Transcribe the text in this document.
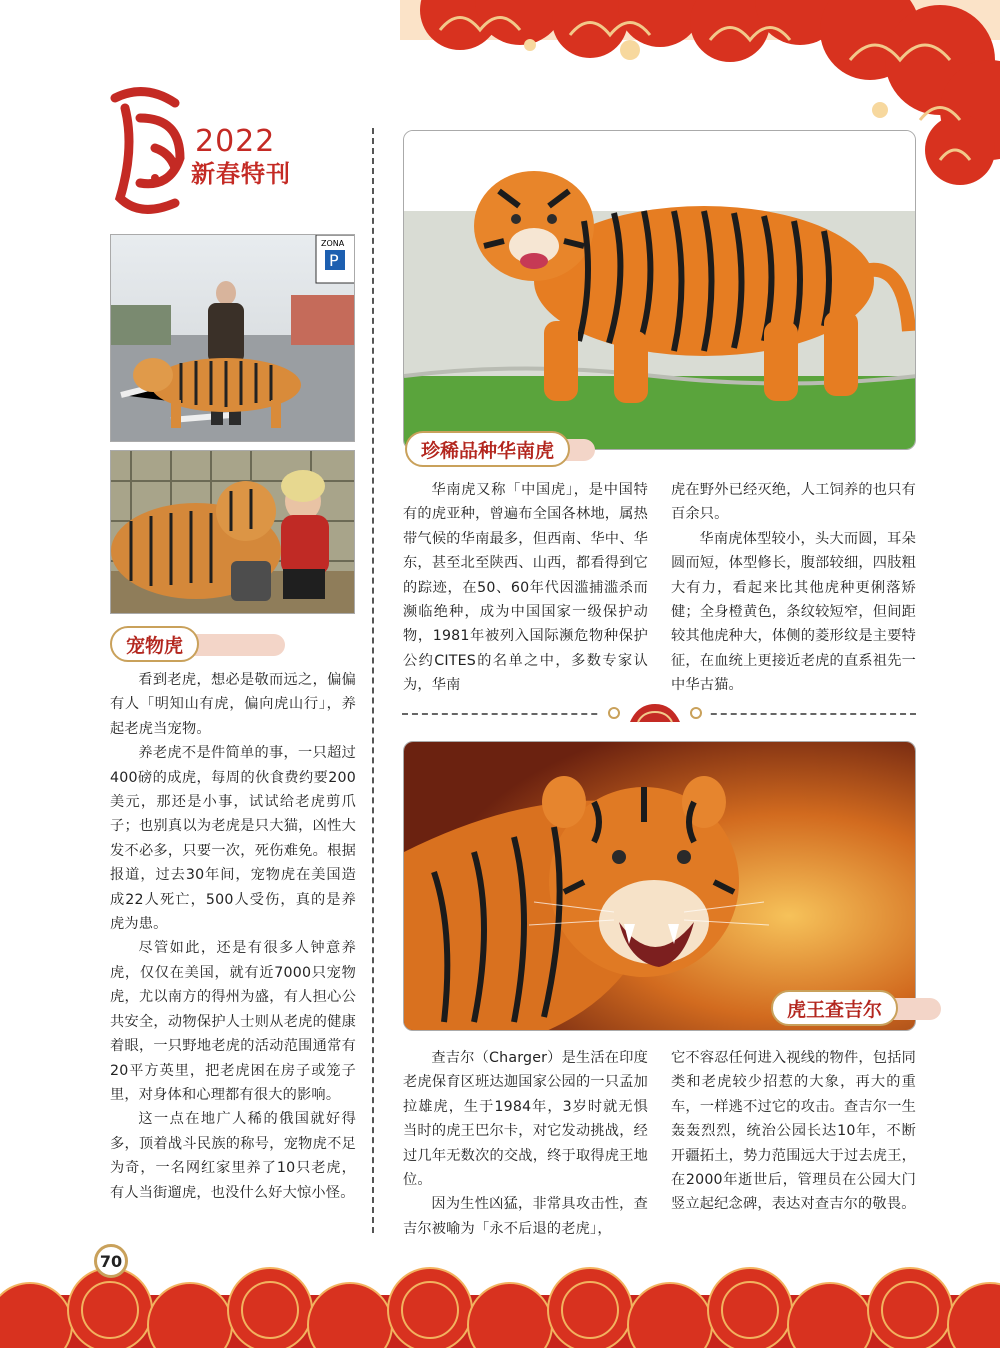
2022
新春特刊
ZONA
P
宠物虎

看到老虎，想必是敬而远之，偏偏有人「明知山有虎，偏向虎山行」，养起老虎当宠物。

养老虎不是件简单的事，一只超过400磅的成虎，每周的伙食费约要200美元，那还是小事，试试给老虎剪爪子；也别真以为老虎是只大猫，凶性大发不必多，只要一次，死伤难免。根据报道，过去30年间，宠物虎在美国造成22人死亡，500人受伤，真的是养虎为患。

尽管如此，还是有很多人钟意养虎，仅仅在美国，就有近7000只宠物虎，尤以南方的得州为盛，有人担心公共安全，动物保护人士则从老虎的健康着眼，一只野地老虎的活动范围通常有20平方英里，把老虎困在房子或笼子里，对身体和心理都有很大的影响。

这一点在地广人稀的俄国就好得多，顶着战斗民族的称号，宠物虎不足为奇，一名网红家里养了10只老虎，有人当街遛虎，也没什么好大惊小怪。

珍稀品种华南虎

华南虎又称「中国虎」，是中国特有的虎亚种，曾遍布全国各林地，属热带气候的华南最多，但西南、华中、华东，甚至北至陕西、山西，都看得到它的踪迹，在50、60年代因滥捕滥杀而濒临绝种，成为中国国家一级保护动物，1981年被列入国际濒危物种保护公约CITES的名单之中，多数专家认为，华南

虎在野外已经灭绝，人工饲养的也只有百余只。

华南虎体型较小，头大而圆，耳朵圆而短，体型修长，腹部较细，四肢粗大有力，看起来比其他虎种更俐落矫健；全身橙黄色，条纹较短窄，但间距较其他虎种大，体侧的菱形纹是主要特征，在血统上更接近老虎的直系祖先一中华古猫。

虎王查吉尔

查吉尔（Charger）是生活在印度老虎保育区班达迦国家公园的一只孟加拉雄虎，生于1984年，3岁时就无惧当时的虎王巴尔卡，对它发动挑战，经过几年无数次的交战，终于取得虎王地位。

因为生性凶猛，非常具攻击性，查吉尔被喻为「永不后退的老虎」，

它不容忍任何进入视线的物件，包括同类和老虎较少招惹的大象，再大的重车，一样逃不过它的攻击。查吉尔一生轰轰烈烈，统治公园长达10年，不断开疆拓土，势力范围远大于过去虎王，在2000年逝世后，管理员在公园大门竖立起纪念碑，表达对查吉尔的敬畏。

70
